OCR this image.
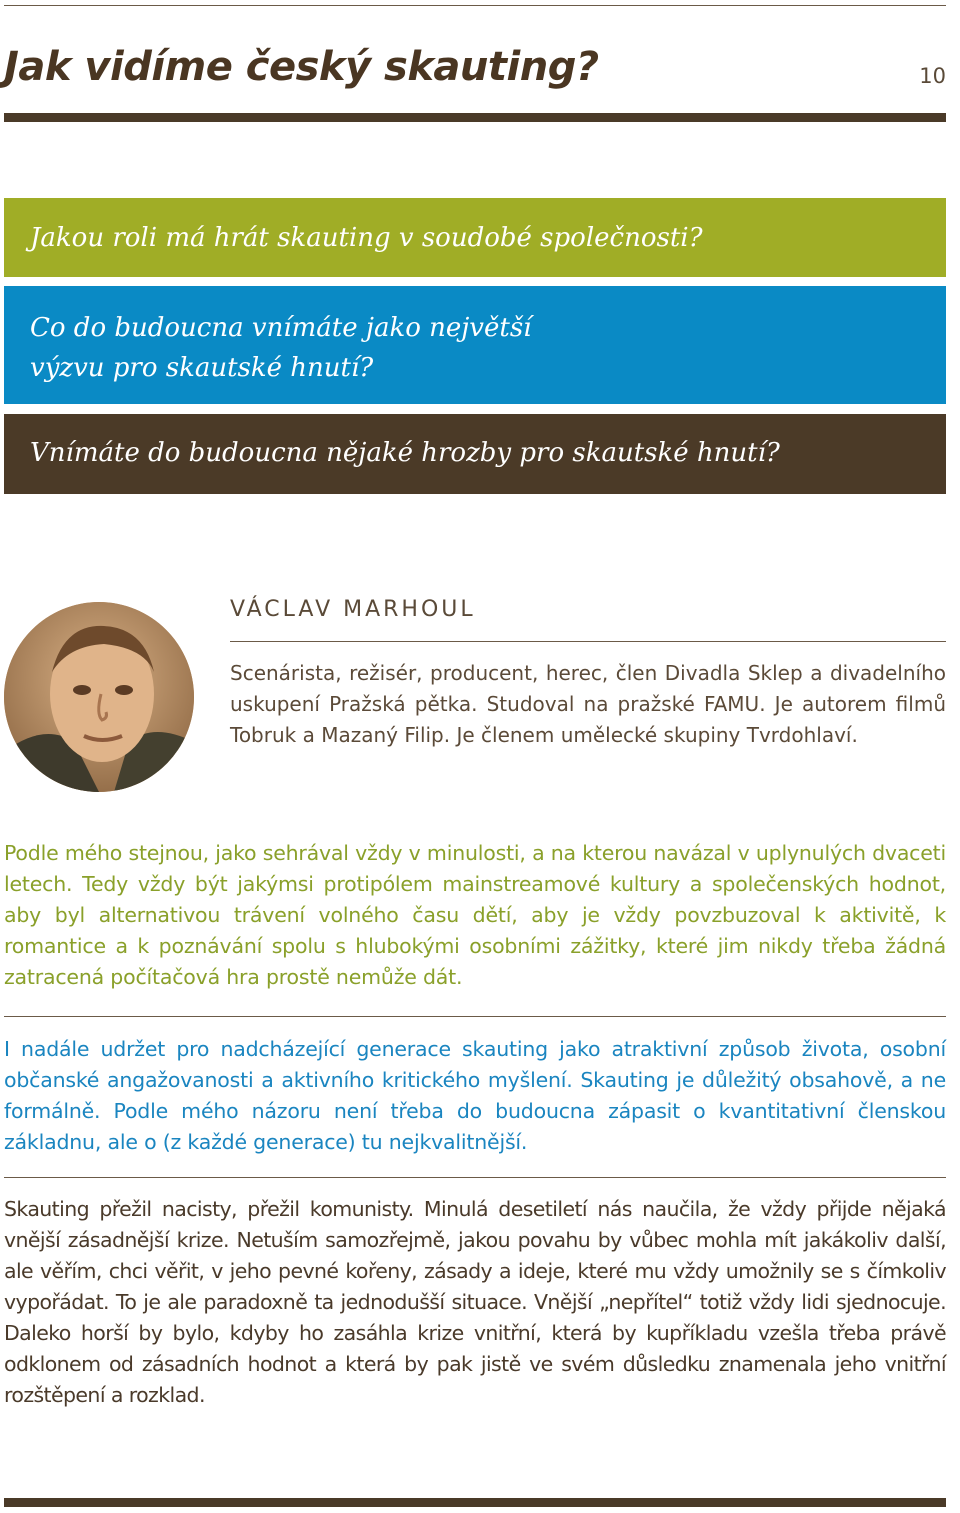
Jak vidíme český skauting?	10
Jakou roli má hrát skauting v soudobé společnosti?
Co do budoucna vnímáte jako největší výzvu pro skautské hnutí?
Vnímáte do budoucna nějaké hrozby pro skautské hnutí?
VÁCLAV MARHOUL

Scenárista, režisér, producent, herec, člen Divadla Sklep a divadelního uskupení Pražská pětka. Studoval na pražské FAMU. Je autorem filmů Tobruk a Mazaný Filip. Je členem umělecké skupiny Tvrdohlaví.

Podle mého stejnou, jako sehrával vždy v minulosti, a na kterou navázal v uplynulých dvaceti letech. Tedy vždy být jakýmsi protipólem mainstreamové kultury a společenských hodnot, aby byl alternativou trávení volného času dětí, aby je vždy povzbuzoval k aktivitě, k romantice a k poznávání spolu s hlubokými osobními zážitky, které jim nikdy třeba žádná zatracená počítačová hra prostě nemůže dát.

I nadále udržet pro nadcházející generace skauting jako atraktivní způsob života, osobní občanské angažovanosti a aktivního kritického myšlení. Skauting je důležitý obsahově, a ne formálně. Podle mého názoru není třeba do budoucna zápasit o kvantitativní členskou základnu, ale o (z každé generace) tu nejkvalitnější.

Skauting přežil nacisty, přežil komunisty. Minulá desetiletí nás naučila, že vždy přijde nějaká vnější zásadnější krize. Netuším samozřejmě, jakou povahu by vůbec mohla mít jakákoliv další, ale věřím, chci věřit, v jeho pevné kořeny, zásady a ideje, které mu vždy umožnily se s čímkoliv vypořádat. To je ale paradoxně ta jednodušší situace. Vnější „nepřítel“ totiž vždy lidi sjednocuje. Daleko horší by bylo, kdyby ho zasáhla krize vnitřní, která by kupříkladu vzešla třeba právě odklonem od zásadních hodnot a která by pak jistě ve svém důsledku znamenala jeho vnitřní rozštěpení a rozklad.
